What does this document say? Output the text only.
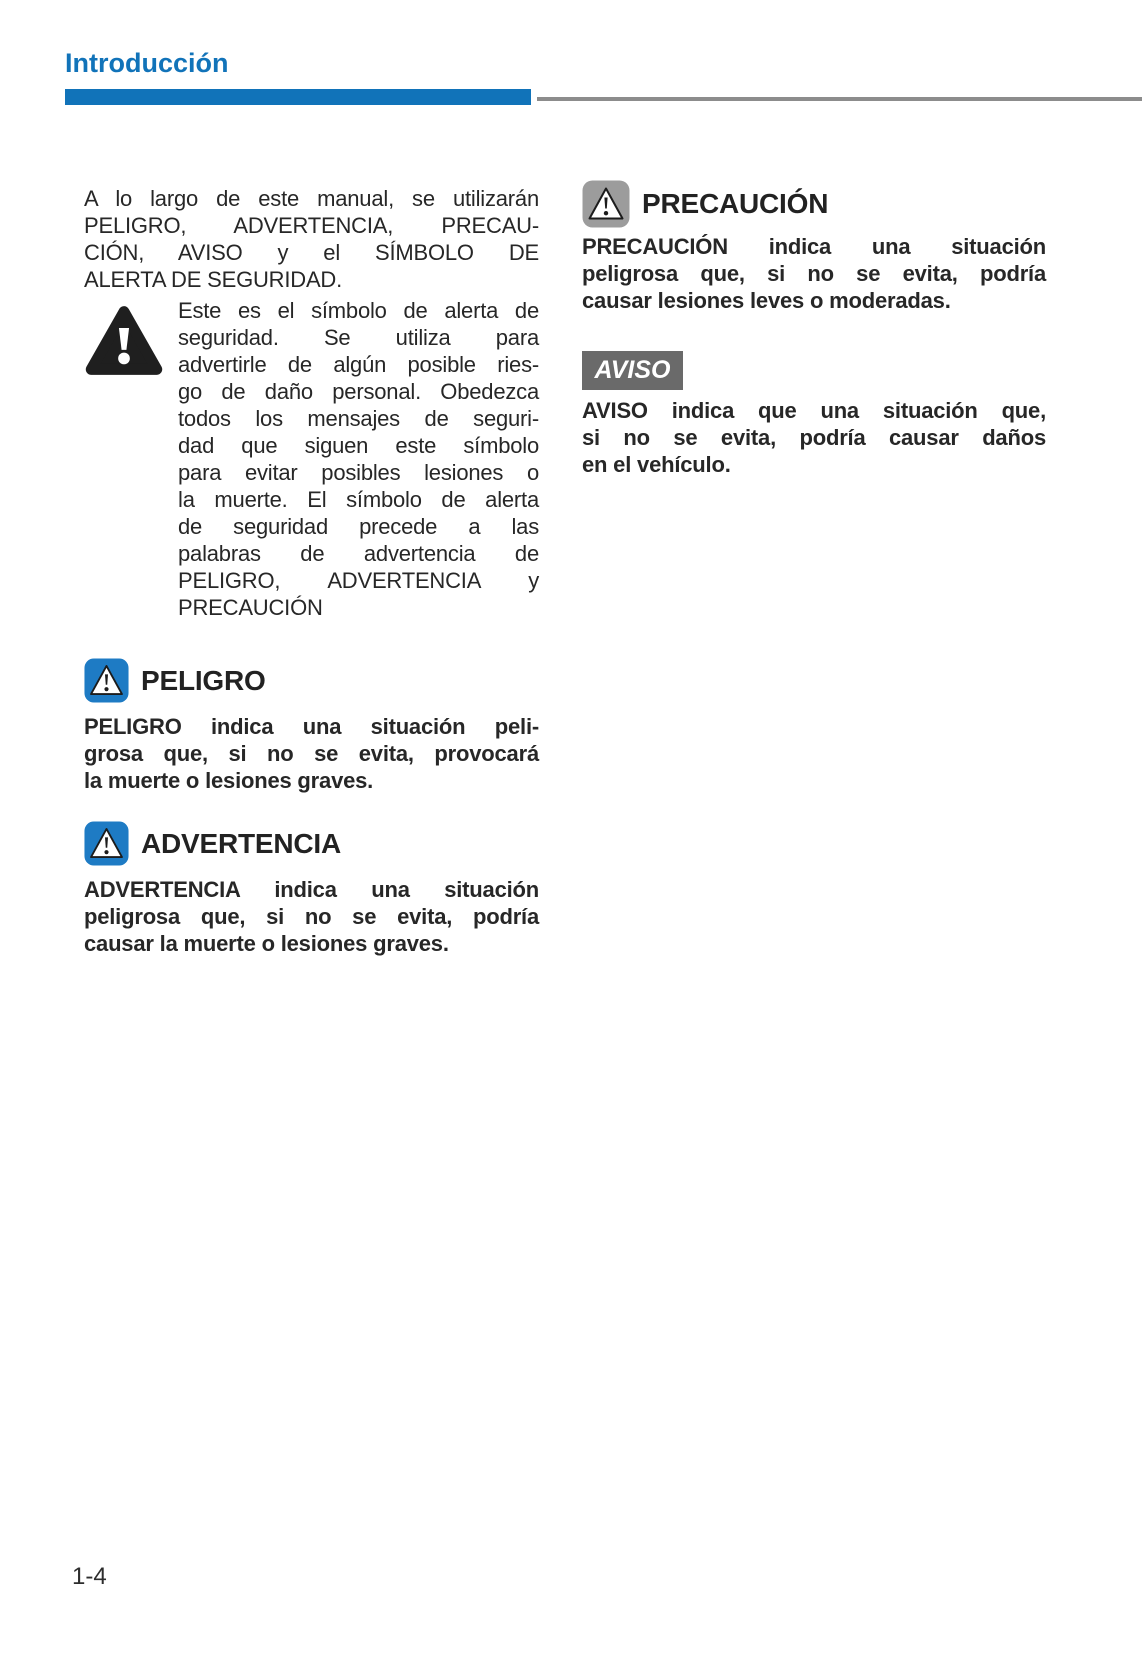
Introducción
A lo largo de este manual, se utilizarán
PELIGRO, ADVERTENCIA, PRECAU-
CIÓN, AVISO y el SÍMBOLO DE
ALERTA DE SEGURIDAD.
Este es el símbolo de alerta de
seguridad. Se utiliza para
advertirle de algún posible ries-
go de daño personal. Obedezca
todos los mensajes de seguri-
dad que siguen este símbolo
para evitar posibles lesiones o
la muerte. El símbolo de alerta
de seguridad precede a las
palabras de advertencia de
PELIGRO, ADVERTENCIA y
PRECAUCIÓN
PELIGRO
PELIGRO indica una situación peli-
grosa que, si no se evita, provocará
la muerte o lesiones graves.
ADVERTENCIA
ADVERTENCIA indica una situación
peligrosa que, si no se evita, podría
causar la muerte o lesiones graves.
PRECAUCIÓN
PRECAUCIÓN indica una situación
peligrosa que, si no se evita, podría
causar lesiones leves o moderadas.
AVISO
AVISO indica que una situación que,
si no se evita, podría causar daños
en el vehículo.
1-4
